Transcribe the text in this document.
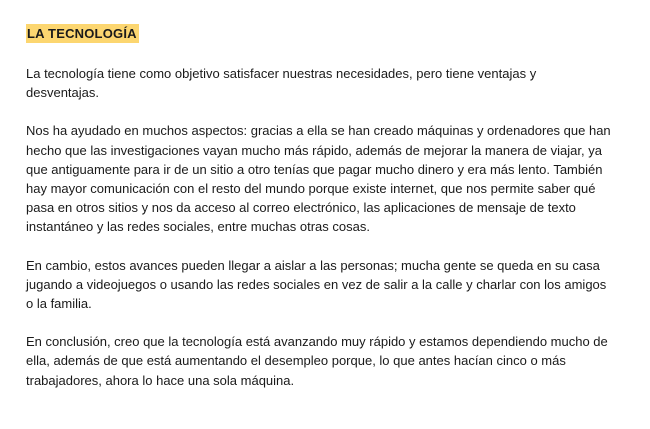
LA TECNOLOGÍA

La tecnología tiene como objetivo satisfacer nuestras necesidades, pero tiene ventajas y desventajas.

Nos ha ayudado en muchos aspectos: gracias a ella se han creado máquinas y ordenadores que han hecho que las investigaciones vayan mucho más rápido, además de mejorar la manera de viajar, ya que antiguamente para ir de un sitio a otro tenías que pagar mucho dinero y era más lento. También hay mayor comunicación con el resto del mundo porque existe internet, que nos permite saber qué pasa en otros sitios y nos da acceso al correo electrónico, las aplicaciones de mensaje de texto instantáneo y las redes sociales, entre muchas otras cosas.

En cambio, estos avances pueden llegar a aislar a las personas; mucha gente se queda en su casa jugando a videojuegos o usando las redes sociales en vez de salir a la calle y charlar con los amigos o la familia.

En conclusión, creo que la tecnología está avanzando muy rápido y estamos dependiendo mucho de ella, además de que está aumentando el desempleo porque, lo que antes hacían cinco o más trabajadores, ahora lo hace una sola máquina.
